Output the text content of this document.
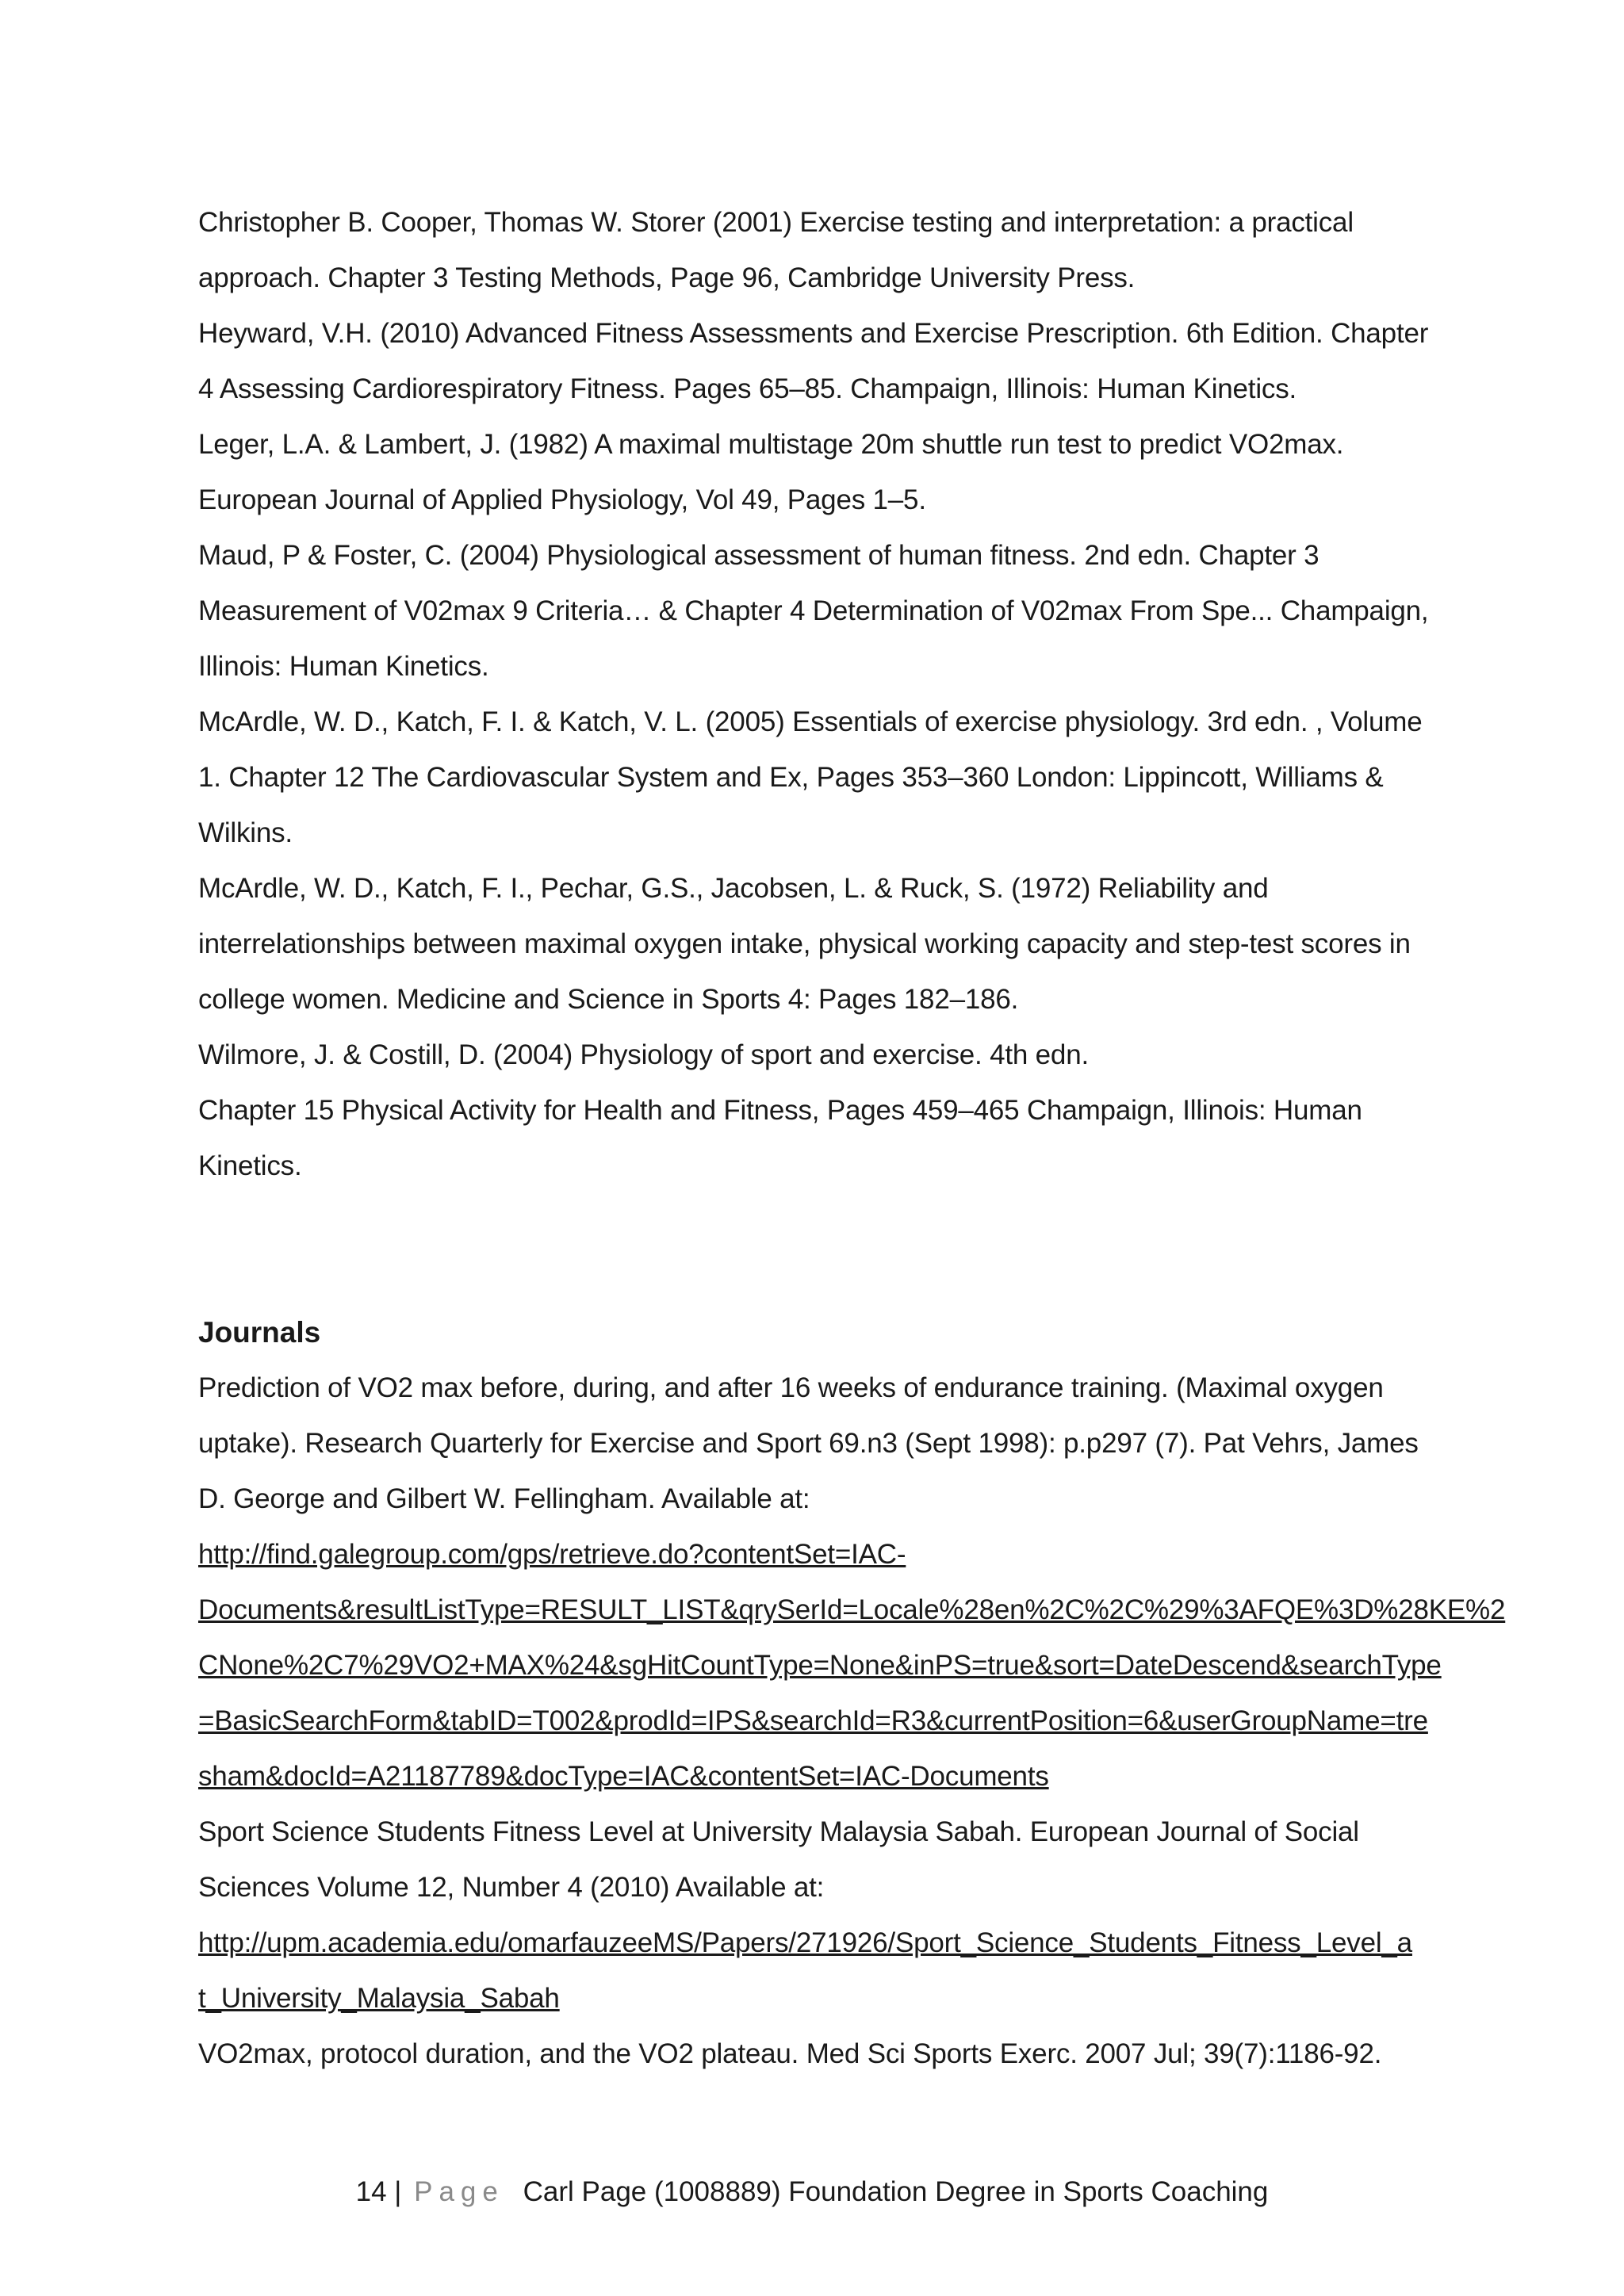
Christopher B. Cooper, Thomas W. Storer (2001) Exercise testing and interpretation: a practical
approach. Chapter 3 Testing Methods, Page 96, Cambridge University Press.
Heyward, V.H. (2010) Advanced Fitness Assessments and Exercise Prescription. 6th Edition. Chapter
4 Assessing Cardiorespiratory Fitness. Pages 65–85. Champaign, Illinois: Human Kinetics.
Leger, L.A. & Lambert, J. (1982) A maximal multistage 20m shuttle run test to predict VO2max.
European Journal of Applied Physiology, Vol 49, Pages 1–5.
Maud, P & Foster, C. (2004) Physiological assessment of human fitness. 2nd edn. Chapter 3
Measurement of V02max 9 Criteria… & Chapter 4 Determination of V02max From Spe... Champaign,
Illinois: Human Kinetics.
McArdle, W. D., Katch, F. I. & Katch, V. L. (2005) Essentials of exercise physiology. 3rd edn. , Volume
1. Chapter 12 The Cardiovascular System and Ex, Pages 353–360 London: Lippincott, Williams &
Wilkins.
McArdle, W. D., Katch, F. I., Pechar, G.S., Jacobsen, L. & Ruck, S. (1972) Reliability and
interrelationships between maximal oxygen intake, physical working capacity and step-test scores in
college women. Medicine and Science in Sports 4: Pages 182–186.
Wilmore, J. & Costill, D. (2004) Physiology of sport and exercise. 4th edn.
Chapter 15 Physical Activity for Health and Fitness, Pages 459–465 Champaign, Illinois: Human
Kinetics.
Journals
Prediction of VO2 max before, during, and after 16 weeks of endurance training. (Maximal oxygen
uptake). Research Quarterly for Exercise and Sport 69.n3 (Sept 1998): p.p297 (7). Pat Vehrs, James
D. George and Gilbert W. Fellingham. Available at:
http://find.galegroup.com/gps/retrieve.do?contentSet=IAC-
Documents&resultListType=RESULT_LIST&qrySerId=Locale%28en%2C%2C%29%3AFQE%3D%28KE%2
CNone%2C7%29VO2+MAX%24&sgHitCountType=None&inPS=true&sort=DateDescend&searchType
=BasicSearchForm&tabID=T002&prodId=IPS&searchId=R3&currentPosition=6&userGroupName=tre
sham&docId=A21187789&docType=IAC&contentSet=IAC-Documents
Sport Science Students Fitness Level at University Malaysia Sabah. European Journal of Social
Sciences Volume 12, Number 4 (2010) Available at:
http://upm.academia.edu/omarfauzeeMS/Papers/271926/Sport_Science_Students_Fitness_Level_a
t_University_Malaysia_Sabah
VO2max, protocol duration, and the VO2 plateau. Med Sci Sports Exerc. 2007 Jul; 39(7):1186-92.
14 | Page Carl Page (1008889) Foundation Degree in Sports Coaching
